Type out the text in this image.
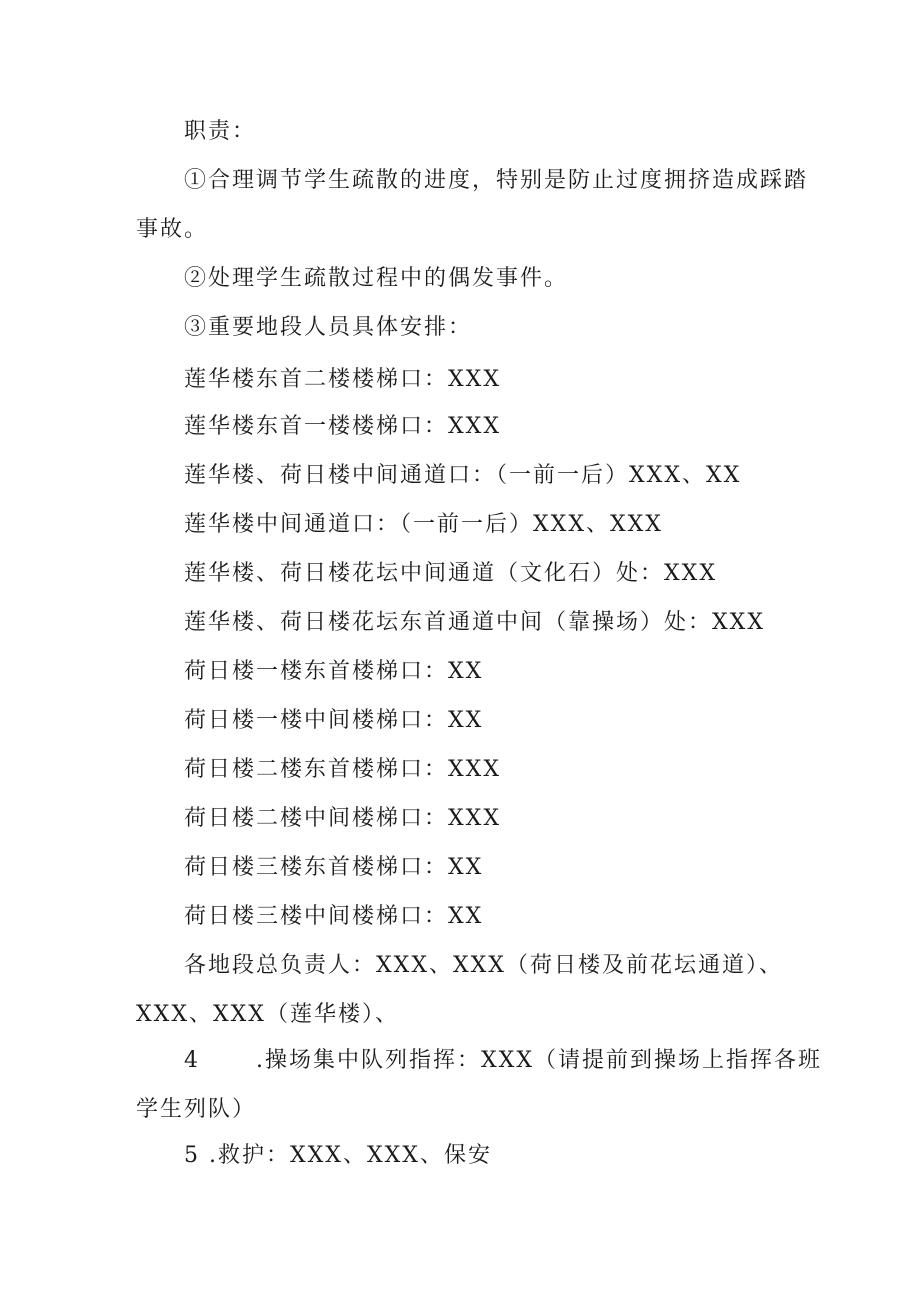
职责：
①合理调节学生疏散的进度，特别是防止过度拥挤造成踩踏
事故。
②处理学生疏散过程中的偶发事件。
③重要地段人员具体安排：
莲华楼东首二楼楼梯口：XXX
莲华楼东首一楼楼梯口：XXX
莲华楼、荷日楼中间通道口：（一前一后）XXX、XX
莲华楼中间通道口：（一前一后）XXX、XXX
莲华楼、荷日楼花坛中间通道（文化石）处：XXX
莲华楼、荷日楼花坛东首通道中间（靠操场）处：XXX
荷日楼一楼东首楼梯口：XX
荷日楼一楼中间楼梯口：XX
荷日楼二楼东首楼梯口：XXX
荷日楼二楼中间楼梯口：XXX
荷日楼三楼东首楼梯口：XX
荷日楼三楼中间楼梯口：XX
各地段总负责人：XXX、XXX（荷日楼及前花坛通道）、
XXX、XXX（莲华楼）、
4	.操场集中队列指挥：XXX（请提前到操场上指挥各班
学生列队）
5 .救护：XXX、XXX、保安
